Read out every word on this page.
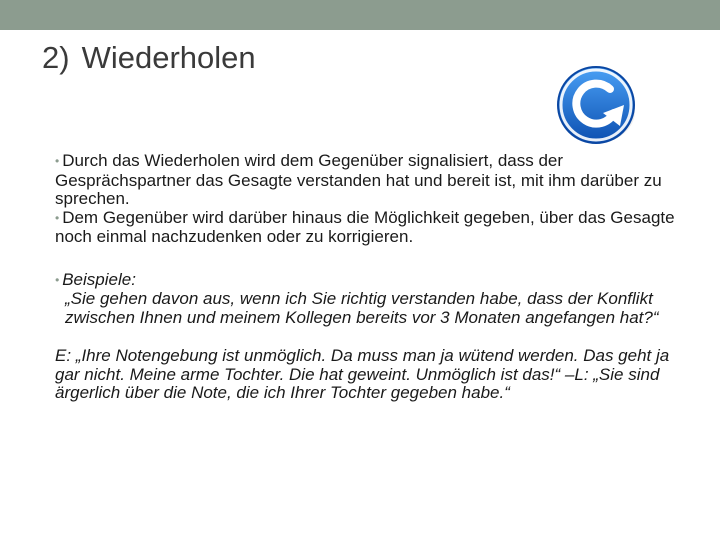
2) Wiederholen

• Durch das Wiederholen wird dem Gegenüber signalisiert, dass der Gesprächspartner das Gesagte verstanden hat und bereit ist, mit ihm darüber zu sprechen.

• Dem Gegenüber wird darüber hinaus die Möglichkeit gegeben, über das Gesagte noch einmal nachzudenken oder zu korrigieren.

• Beispiele:

„Sie gehen davon aus, wenn ich Sie richtig verstanden habe, dass der Konflikt zwischen Ihnen und meinem Kollegen bereits vor 3 Monaten angefangen hat?“

E: „Ihre Notengebung ist unmöglich. Da muss man ja wütend werden. Das geht ja gar nicht. Meine arme Tochter. Die hat geweint. Unmöglich ist das!“ –L: „Sie sind ärgerlich über die Note, die ich Ihrer Tochter gegeben habe.“
